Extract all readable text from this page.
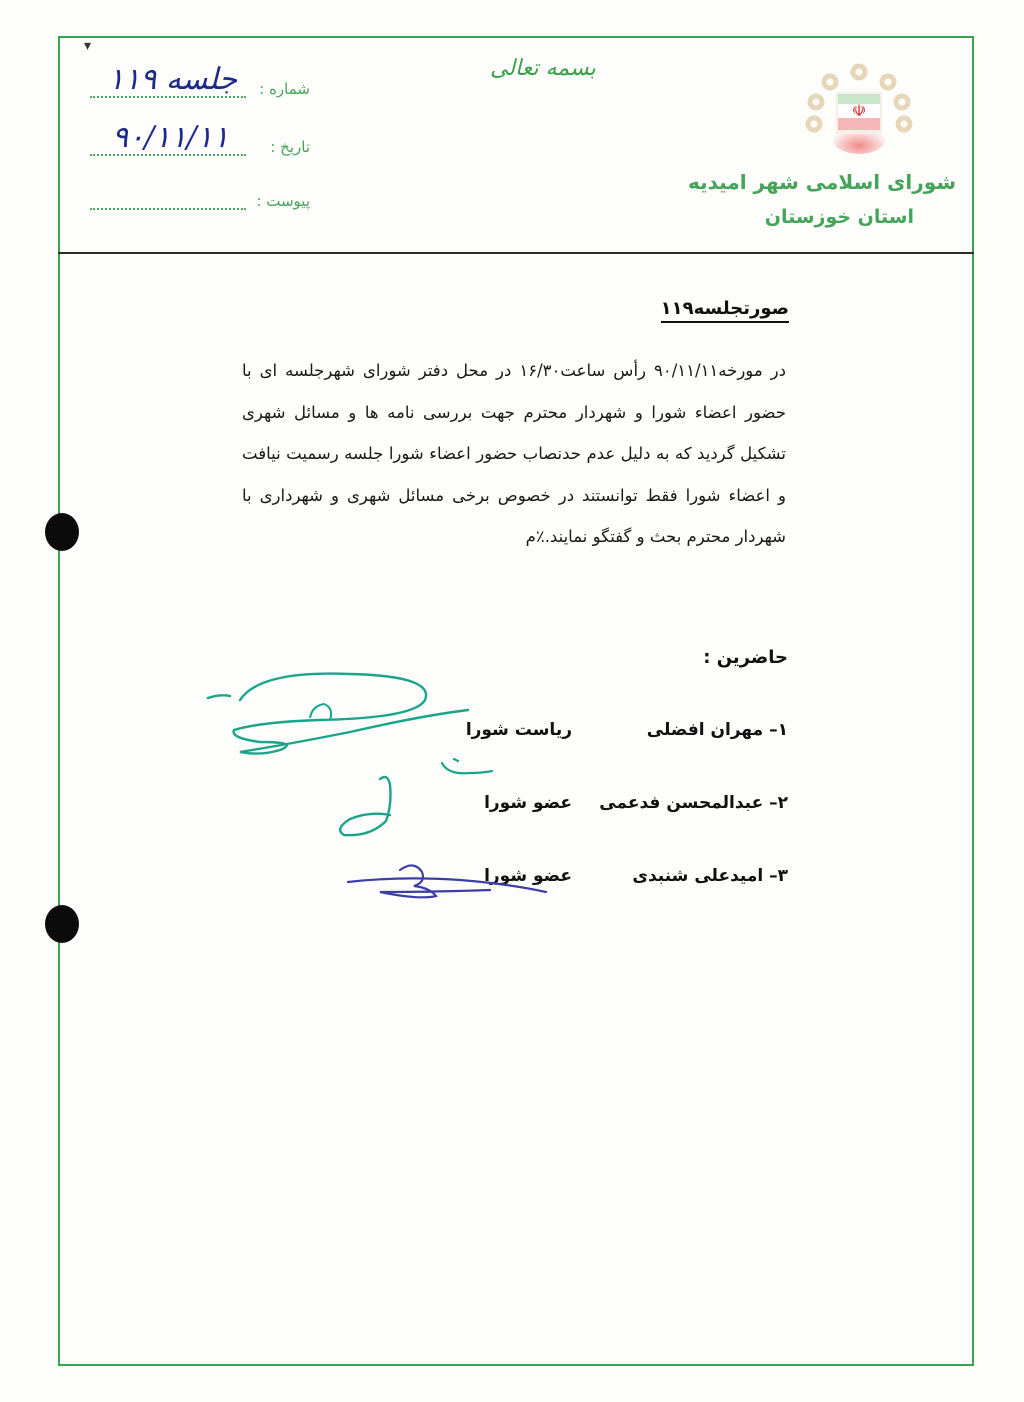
▾
شماره :
جلسه ۱۱۹
تاریخ :
۹۰/۱۱/۱۱
پیوست :
بسمه تعالی
☫
شورای اسلامی شهر امیدیه
استان خوزستان
صورتجلسه۱۱۹
در مورخه۹۰/۱۱/۱۱ رأس ساعت۱۶/۳۰ در محل دفتر شورای شهرجلسه ای با حضور اعضاء شورا و شهردار محترم جهت بررسی نامه ها و مسائل شهری تشکیل گردید که به دلیل عدم حدنصاب حضور اعضاء شورا جلسه رسمیت نیافت و اعضاء شورا فقط توانستند در خصوص برخی مسائل شهری و شهرداری با شهردار محترم بحث و گفتگو نمایند.٪م
حاضرین :
۱– مهران افضلی
ریاست شورا
۲– عبدالمحسن فدعمی
عضو شورا
۳– امیدعلی شنبدی
عضو شورا
